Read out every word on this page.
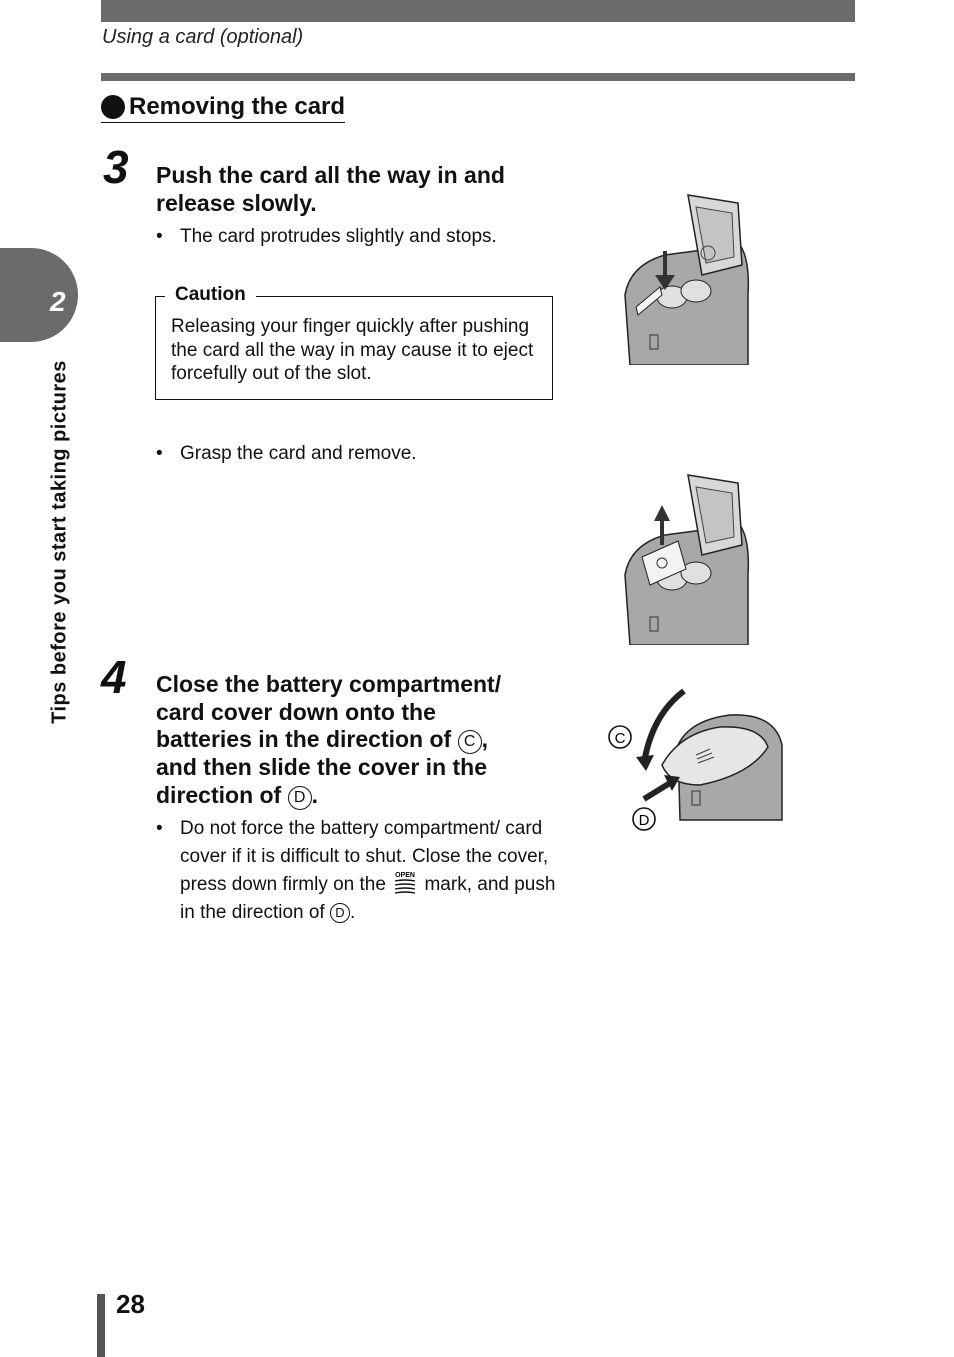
Using a card (optional)
Removing the card
2
Tips before you start taking pictures
3 Push the card all the way in and release slowly.
• The card protrudes slightly and stops.
Caution
Releasing your finger quickly after pushing the card all the way in may cause it to eject forcefully out of the slot.
• Grasp the card and remove.
4 Close the battery compartment/
card cover down onto the
batteries in the direction of C ,
and then slide the cover in the
direction of D .
• Do not force the battery compartment/ card cover if it is difficult to shut. Close the cover, press down firmly on the OPEN mark, and push in the direction of D .
C
D
28
